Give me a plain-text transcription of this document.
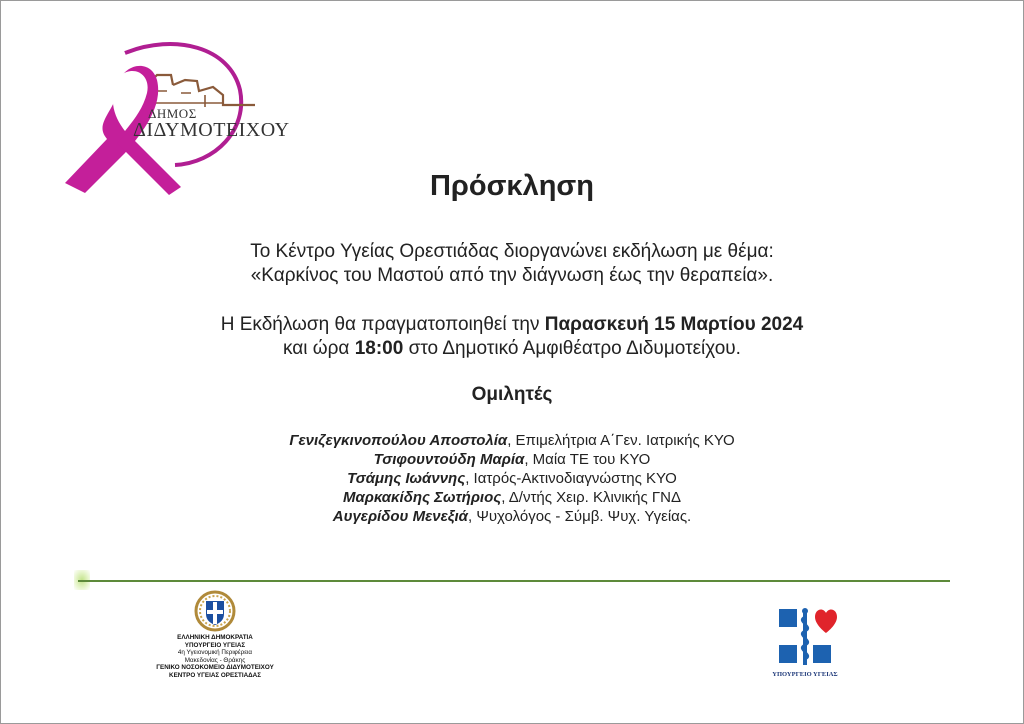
ΔΗΜΟΣ
ΔΙΔΥΜΟΤΕΙΧΟΥ
Πρόσκληση
Το Κέντρο Υγείας Ορεστιάδας διοργανώνει εκδήλωση με θέμα:
«Καρκίνος του Μαστού από την διάγνωση έως την θεραπεία».
Η Εκδήλωση θα πραγματοποιηθεί την Παρασκευή 15 Μαρτίου 2024
και ώρα 18:00 στο Δημοτικό Αμφιθέατρο Διδυμοτείχου.
Ομιλητές
Γενιζεγκινοπούλου Αποστολία, Επιμελήτρια Α΄Γεν. Ιατρικής ΚΥΟ
Τσιφουντούδη Μαρία, Μαία ΤΕ του ΚΥΟ
Τσάμης Ιωάννης, Ιατρός-Ακτινοδιαγνώστης ΚΥΟ
Μαρκακίδης Σωτήριος, Δ/ντής Χειρ. Κλινικής ΓΝΔ
Αυγερίδου Μενεξιά, Ψυχολόγος - Σύμβ. Ψυχ. Υγείας.
ΕΛΛΗΝΙΚΗ ΔΗΜΟΚΡΑΤΙΑ
ΥΠΟΥΡΓΕΙΟ ΥΓΕΙΑΣ
4η Υγειονομική Περιφέρεια
Μακεδονίας - Θράκης
ΓΕΝΙΚΟ ΝΟΣΟΚΟΜΕΙΟ ΔΙΔΥΜΟΤΕΙΧΟΥ
ΚΕΝΤΡΟ ΥΓΕΙΑΣ ΟΡΕΣΤΙΑΔΑΣ	ΥΠΟΥΡΓΕΙΟ ΥΓΕΙΑΣ
